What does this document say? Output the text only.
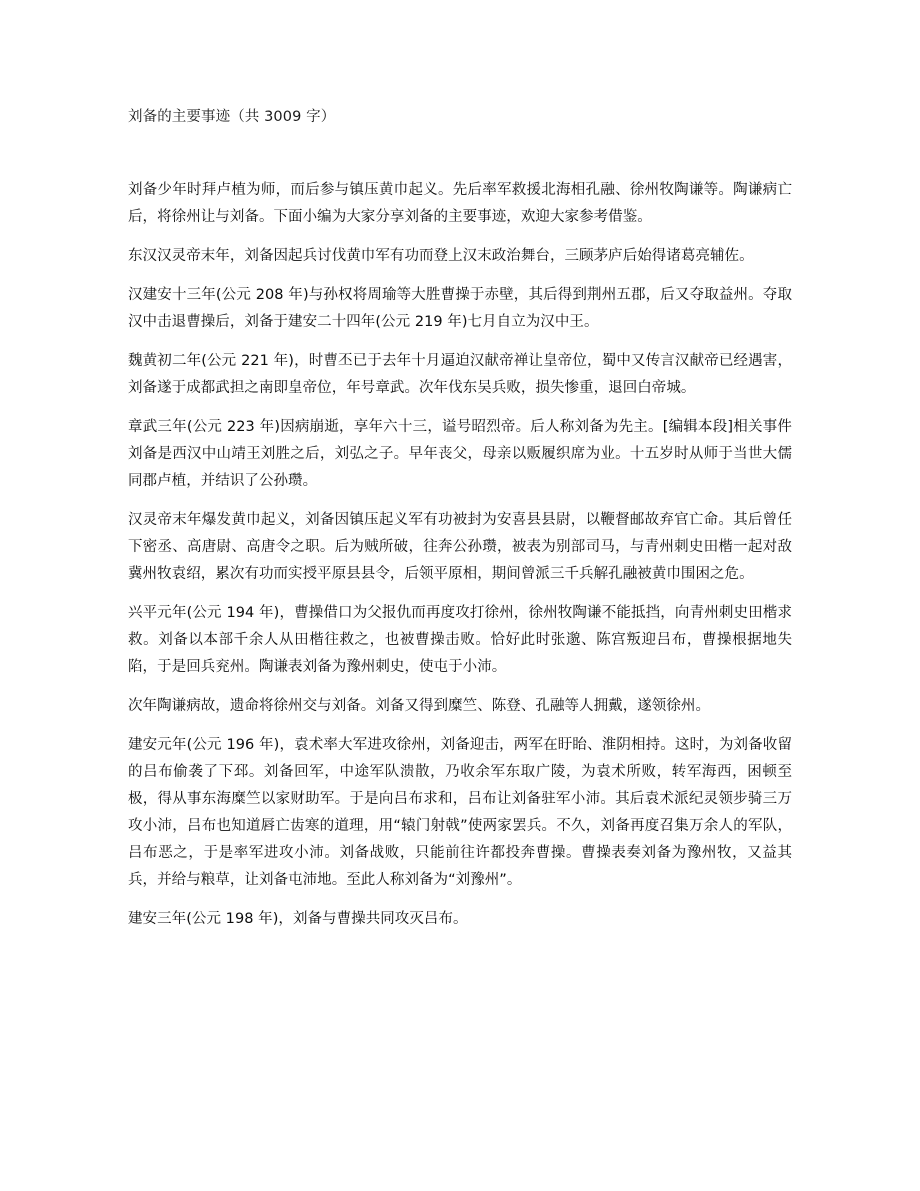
刘备的主要事迹（共 3009 字）

刘备少年时拜卢植为师，而后参与镇压黄巾起义。先后率军救援北海相孔融、徐州牧陶谦等。陶谦病亡后，将徐州让与刘备。下面小编为大家分享刘备的主要事迹，欢迎大家参考借鉴。

东汉汉灵帝末年，刘备因起兵讨伐黄巾军有功而登上汉末政治舞台，三顾茅庐后始得诸葛亮辅佐。

汉建安十三年(公元 208 年)与孙权将周瑜等大胜曹操于赤壁，其后得到荆州五郡，后又夺取益州。夺取汉中击退曹操后，刘备于建安二十四年(公元 219 年)七月自立为汉中王。

魏黄初二年(公元 221 年)，时曹丕已于去年十月逼迫汉献帝禅让皇帝位，蜀中又传言汉献帝已经遇害，刘备遂于成都武担之南即皇帝位，年号章武。次年伐东吴兵败，损失惨重，退回白帝城。

章武三年(公元 223 年)因病崩逝，享年六十三，谥号昭烈帝。后人称刘备为先主。[编辑本段]相关事件 刘备是西汉中山靖王刘胜之后，刘弘之子。早年丧父，母亲以贩履织席为业。十五岁时从师于当世大儒同郡卢植，并结识了公孙瓒。

汉灵帝末年爆发黄巾起义，刘备因镇压起义军有功被封为安喜县县尉，以鞭督邮故弃官亡命。其后曾任下密丞、高唐尉、高唐令之职。后为贼所破，往奔公孙瓒，被表为别部司马，与青州刺史田楷一起对敌冀州牧袁绍，累次有功而实授平原县县令，后领平原相，期间曾派三千兵解孔融被黄巾围困之危。

兴平元年(公元 194 年)，曹操借口为父报仇而再度攻打徐州，徐州牧陶谦不能抵挡，向青州刺史田楷求救。刘备以本部千余人从田楷往救之，也被曹操击败。恰好此时张邈、陈宫叛迎吕布，曹操根据地失陷，于是回兵兖州。陶谦表刘备为豫州刺史，使屯于小沛。

次年陶谦病故，遗命将徐州交与刘备。刘备又得到糜竺、陈登、孔融等人拥戴，遂领徐州。

建安元年(公元 196 年)，袁术率大军进攻徐州，刘备迎击，两军在盱眙、淮阴相持。这时，为刘备收留的吕布偷袭了下邳。刘备回军，中途军队溃散，乃收余军东取广陵，为袁术所败，转军海西，困顿至极，得从事东海糜竺以家财助军。于是向吕布求和，吕布让刘备驻军小沛。其后袁术派纪灵领步骑三万攻小沛，吕布也知道唇亡齿寒的道理，用“辕门射戟”使两家罢兵。不久，刘备再度召集万余人的军队，吕布恶之，于是率军进攻小沛。刘备战败，只能前往许都投奔曹操。曹操表奏刘备为豫州牧，又益其兵，并给与粮草，让刘备屯沛地。至此人称刘备为“刘豫州”。

建安三年(公元 198 年)，刘备与曹操共同攻灭吕布。
